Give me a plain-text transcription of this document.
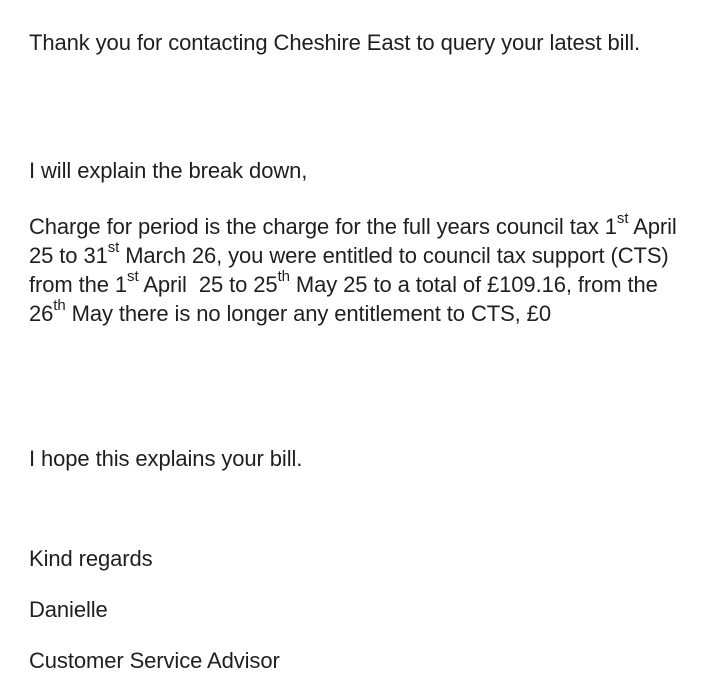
Thank you for contacting Cheshire East to query your latest bill.

I will explain the break down,

Charge for period is the charge for the full years council tax 1st April 25 to 31st March 26, you were entitled to council tax support (CTS) from the 1st April  25 to 25th May 25 to a total of £109.16, from the 26th May there is no longer any entitlement to CTS, £0

I hope this explains your bill.

Kind regards

Danielle

Customer Service Advisor
